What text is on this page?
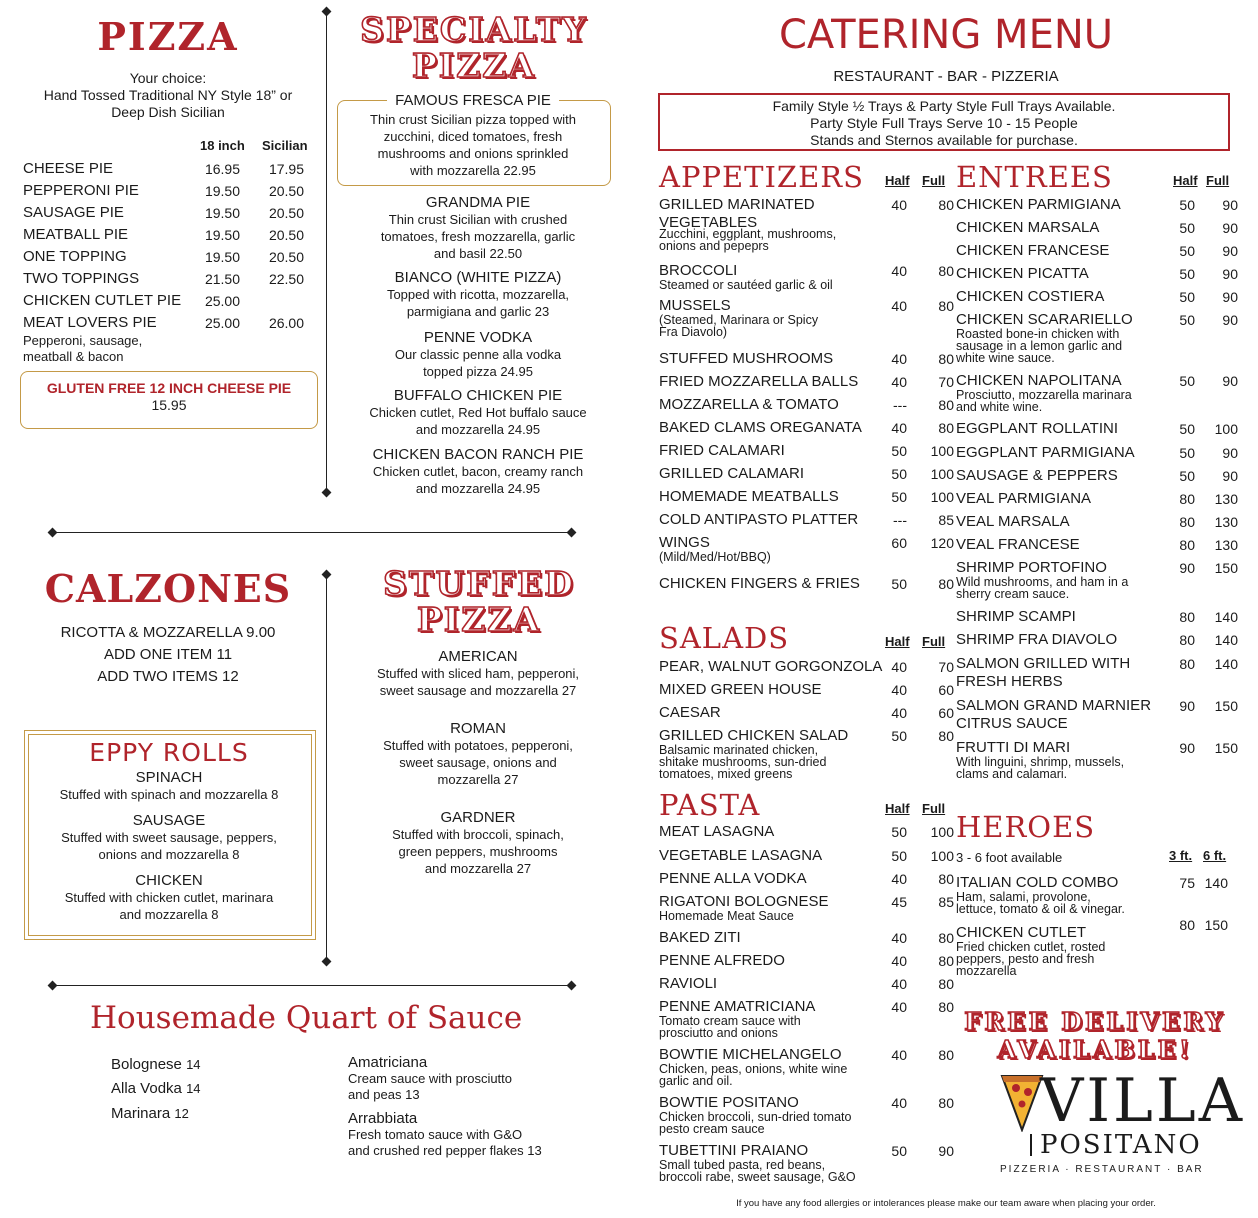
PIZZA
Your choice:
Hand Tossed Traditional NY Style 18” or
Deep Dish Sicilian
18 inch Sicilian
CHEESE PIE	16.95	17.95
PEPPERONI PIE	19.50	20.50
SAUSAGE PIE	19.50	20.50
MEATBALL PIE	19.50	20.50
ONE TOPPING	19.50	20.50
TWO TOPPINGS	21.50	22.50
CHICKEN CUTLET PIE	25.00
MEAT LOVERS PIE	25.00	26.00
Pepperoni, sausage,
meatball & bacon
GLUTEN FREE 12 INCH CHEESE PIE
15.95
SPECIALTY
PIZZA
FAMOUS FRESCA PIE
Thin crust Sicilian pizza topped with
zucchini, diced tomatoes, fresh
mushrooms and onions sprinkled
with mozzarella 22.95
GRANDMA PIE
Thin crust Sicilian with crushed
tomatoes, fresh mozzarella, garlic
and basil 22.50
BIANCO (WHITE PIZZA)
Topped with ricotta, mozzarella,
parmigiana and garlic 23
PENNE VODKA
Our classic penne alla vodka
topped pizza 24.95
BUFFALO CHICKEN PIE
Chicken cutlet, Red Hot buffalo sauce
and mozzarella 24.95
CHICKEN BACON RANCH PIE
Chicken cutlet, bacon, creamy ranch
and mozzarella 24.95
CALZONES
RICOTTA & MOZZARELLA 9.00
ADD ONE ITEM 11
ADD TWO ITEMS 12
EPPY ROLLS
SPINACH
Stuffed with spinach and mozzarella 8
SAUSAGE
Stuffed with sweet sausage, peppers,
onions and mozzarella 8
CHICKEN
Stuffed with chicken cutlet, marinara
and mozzarella 8
STUFFED
PIZZA
AMERICAN
Stuffed with sliced ham, pepperoni,
sweet sausage and mozzarella 27
ROMAN
Stuffed with potatoes, pepperoni,
sweet sausage, onions and
mozzarella 27
GARDNER
Stuffed with broccoli, spinach,
green peppers, mushrooms
and mozzarella 27
Housemade Quart of Sauce
Bolognese 14
Alla Vodka 14
Marinara 12
Amatriciana
Cream sauce with prosciutto
and peas 13
Arrabbiata
Fresh tomato sauce with G&O
and crushed red pepper flakes 13
CATERING MENU
RESTAURANT - BAR - PIZZERIA
Family Style ½ Trays & Party Style Full Trays Available.
Party Style Full Trays Serve 10 - 15 People
Stands and Sternos available for purchase.
APPETIZERS Half Full
GRILLED MARINATED
VEGETABLES
Zucchini, eggplant, mushrooms,
onions and pepeprs
40	80
BROCCOLI
Steamed or sautéed garlic & oil
40	80
MUSSELS
(Steamed, Marinara or Spicy
Fra Diavolo)
40	80
STUFFED MUSHROOMS	40	80
FRIED MOZZARELLA BALLS	40	70
MOZZARELLA & TOMATO	---	80
BAKED CLAMS OREGANATA	40	80
FRIED CALAMARI	50	100
GRILLED CALAMARI	50	100
HOMEMADE MEATBALLS	50	100
COLD ANTIPASTO PLATTER	---	85
WINGS
(Mild/Med/Hot/BBQ)
60	120
CHICKEN FINGERS & FRIES	50	80
SALADS	Half Full
PEAR, WALNUT GORGONZOLA 40	70
MIXED GREEN HOUSE	40	60
CAESAR	40	60
GRILLED CHICKEN SALAD
Balsamic marinated chicken,
shitake mushrooms, sun-dried
tomatoes, mixed greens
50	80
PASTA	Half Full
MEAT LASAGNA	50	100
VEGETABLE LASAGNA	50	100
PENNE ALLA VODKA	40	80
RIGATONI BOLOGNESE
Homemade Meat Sauce
45	85
BAKED ZITI	40	80
PENNE ALFREDO	40	80
RAVIOLI	40	80
PENNE AMATRICIANA
Tomato cream sauce with
prosciutto and onions
40	80
BOWTIE MICHELANGELO
Chicken, peas, onions, white wine
garlic and oil.
40	80
BOWTIE POSITANO
Chicken broccoli, sun-dried tomato
pesto cream sauce
40	80
TUBETTINI PRAIANO
Small tubed pasta, red beans,
broccoli rabe, sweet sausage, G&O
50	90
ENTREES	Half Full
CHICKEN PARMIGIANA	50	90
CHICKEN MARSALA	50	90
CHICKEN FRANCESE	50	90
CHICKEN PICATTA	50	90
CHICKEN COSTIERA	50	90
CHICKEN SCARARIELLO
Roasted bone-in chicken with
sausage in a lemon garlic and
white wine sauce.
50	90
CHICKEN NAPOLITANA
Prosciutto, mozzarella marinara
and white wine.
50	90
EGGPLANT ROLLATINI	50	100
EGGPLANT PARMIGIANA	50	90
SAUSAGE & PEPPERS	50	90
VEAL PARMIGIANA	80	130
VEAL MARSALA	80	130
VEAL FRANCESE	80	130
SHRIMP PORTOFINO
Wild mushrooms, and ham in a
sherry cream sauce.
90	150
SHRIMP SCAMPI	80	140
SHRIMP FRA DIAVOLO	80	140
SALMON GRILLED WITH
FRESH HERBS
80	140
SALMON GRAND MARNIER
CITRUS SAUCE
90	150
FRUTTI DI MARI
With linguini, shrimp, mussels,
clams and calamari.
90	150
HEROES
3 - 6 foot available	3 ft. 6 ft.
ITALIAN COLD COMBO
Ham, salami, provolone,
lettuce, tomato & oil & vinegar.
75 140
CHICKEN CUTLET
Fried chicken cutlet, rosted
peppers, pesto and fresh
mozzarella
80 150
FREE DELIVERY
AVAILABLE!
VILLA
POSITANO
PIZZERIA · RESTAURANT · BAR
If you have any food allergies or intolerances please make our team aware when placing your order.
